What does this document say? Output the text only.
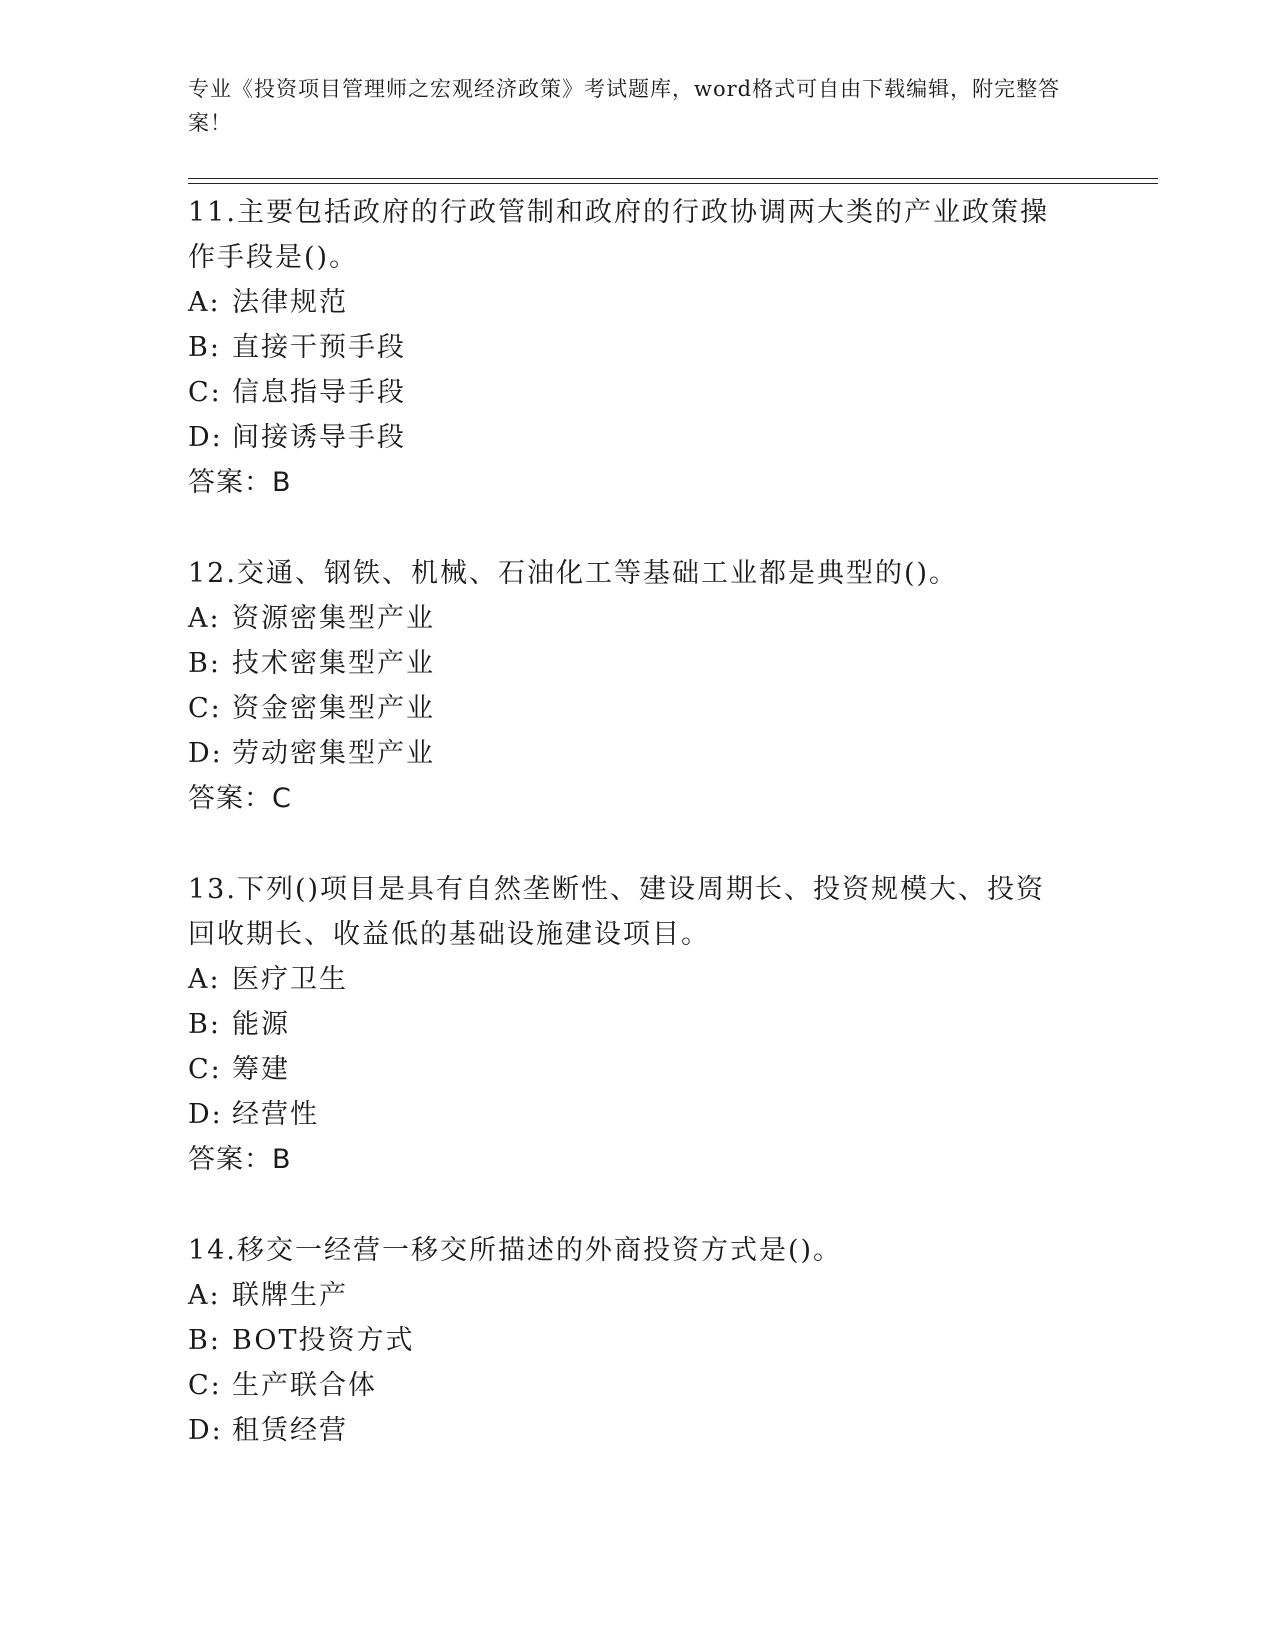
专业《投资项目管理师之宏观经济政策》考试题库，word格式可自由下载编辑，附完整答案！
11.主要包括政府的行政管制和政府的行政协调两大类的产业政策操作手段是()。
A: 法律规范
B: 直接干预手段
C: 信息指导手段
D: 间接诱导手段
答案：B
12.交通、钢铁、机械、石油化工等基础工业都是典型的()。
A: 资源密集型产业
B: 技术密集型产业
C: 资金密集型产业
D: 劳动密集型产业
答案：C
13.下列()项目是具有自然垄断性、建设周期长、投资规模大、投资回收期长、收益低的基础设施建设项目。
A: 医疗卫生
B: 能源
C: 筹建
D: 经营性
答案：B
14.移交一经营一移交所描述的外商投资方式是()。
A: 联牌生产
B: BOT投资方式
C: 生产联合体
D: 租赁经营
